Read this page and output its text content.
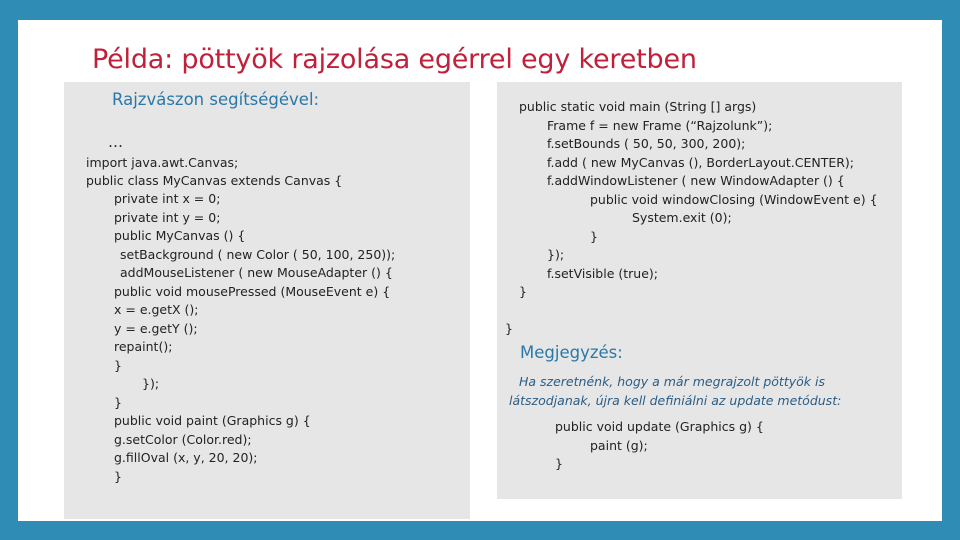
Példa: pöttyök rajzolása egérrel egy keretben
Rajzvászon segítségével:
…
import java.awt.Canvas;
public class MyCanvas extends Canvas {
private int x = 0;
private int y = 0;
public MyCanvas () {
setBackground ( new Color ( 50, 100, 250));
addMouseListener ( new MouseAdapter () {
public void mousePressed (MouseEvent e) {
x = e.getX ();
y = e.getY ();
repaint();
}
});
}
public void paint (Graphics g) {
g.setColor (Color.red);
g.fillOval (x, y, 20, 20);
}
public static void main (String [] args)
Frame f = new Frame (“Rajzolunk”);
f.setBounds ( 50, 50, 300, 200);
f.add ( new MyCanvas (), BorderLayout.CENTER);
f.addWindowListener ( new WindowAdapter () {
public void windowClosing (WindowEvent e) {
System.exit (0);
}
});
f.setVisible (true);
}
}
Megjegyzés:
Ha szeretnénk, hogy a már megrajzolt pöttyök is
látszodjanak, újra kell definiálni az update metódust:
public void update (Graphics g) {
paint (g);
}
